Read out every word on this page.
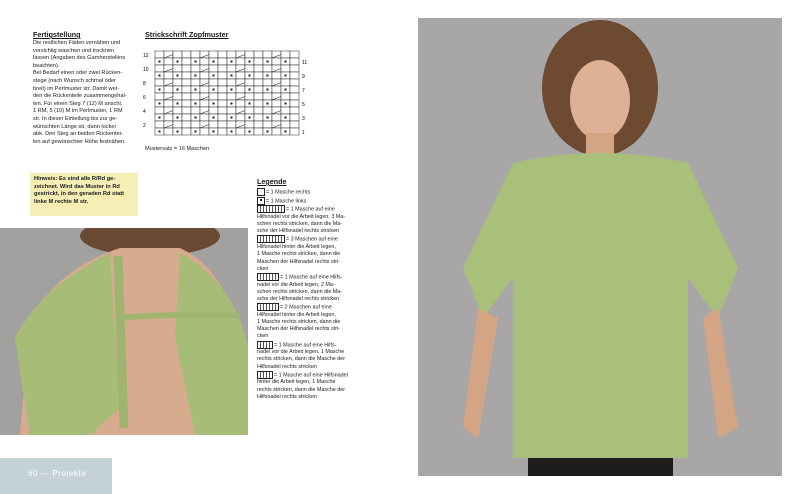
Fertigstellung
Die restlichen Fäden vernähen und
vorsichtig waschen und trocknen
lassen (Angaben des Garnherstellers
beachten).
Bei Bedarf einen oder zwei Rücken-
stege (nach Wunsch schmal oder
breit) im Perlmuster str. Damit wer-
den die Rückenteile zusammengehal-
ten. Für einen Steg 7 (12) M anschl.
1 RM, 5 (10) M im Perlmuster, 1 RM
str. In dieser Einteilung bis zur ge-
wünschten Länge str, dann locker
abk. Den Steg an beiden Rückentei-
len auf gewünschter Höhe festnähen.
Hinweis: Es sind alle R/Rd ge-
zeichnet. Wird das Muster in Rd
gestrickt, in den geraden Rd statt
linke M rechte M str.
60 — Projekte
Strickschrift Zopfmuster
12
10
8
6
4
2
11
9
7
5
3
1
Mustersatz = 16 Maschen
Legende
= 1 Masche rechts
= 1 Masche links
= 1 Masche auf eine
Hilfsnadel vor die Arbeit legen, 3 Ma-
schen rechts stricken, dann die Ma-
sche der Hilfsnadel rechts stricken
= 3 Maschen auf eine
Hilfsnadel hinter die Arbeit legen,
1 Masche rechts stricken, dann die
Maschen der Hilfsnadel rechts stri-
cken
= 1 Masche auf eine Hilfs-
nadel vor die Arbeit legen, 2 Ma-
schen rechts stricken, dann die Ma-
sche der Hilfsnadel rechts stricken
= 2 Maschen auf eine
Hilfsnadel hinter die Arbeit legen,
1 Masche rechts stricken, dann die
Maschen der Hilfsnadel rechts stri-
cken
= 1 Masche auf eine Hilfs-
nadel vor die Arbeit legen, 1 Masche
rechts stricken, dann die Masche der
Hilfsnadel rechts stricken
= 1 Masche auf eine Hilfsnadel
hinter die Arbeit legen, 1 Masche
rechts stricken, dann die Masche der
Hilfsnadel rechts stricken
